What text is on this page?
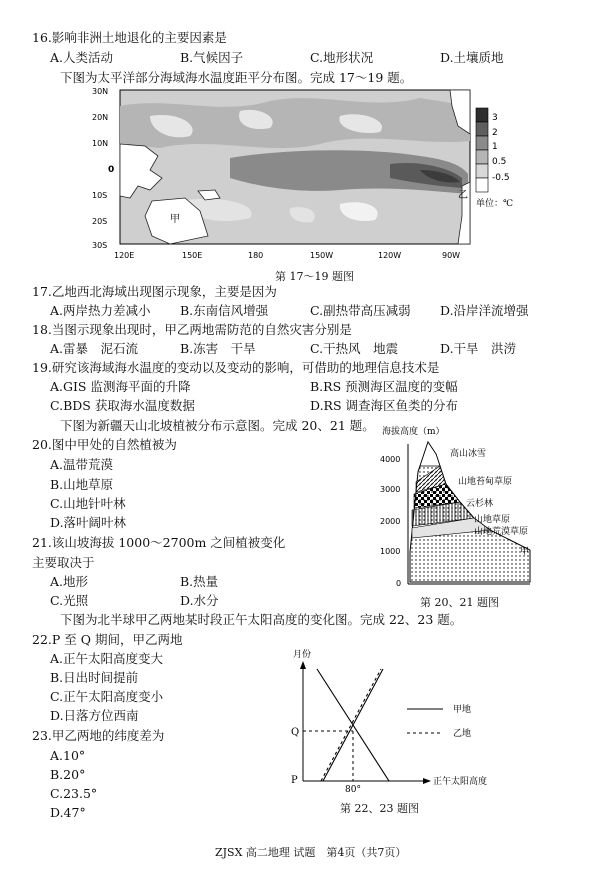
16.影响非洲土地退化的主要因素是
A.人类活动	B.气候因子	C.地形状况	D.土壤质地
下图为太平洋部分海域海水温度距平分布图。完成 17～19 题。
30N
20N
10N
0
10S
20S
30S
120E	150E	180	150W	120W	90W
甲
乙
3
2
1
0.5
-0.5
单位：℃
第 17～19 题图
17.乙地西北海域出现图示现象，主要是因为
A.两岸热力差减小 B.东南信风增强	C.副热带高压减弱 D.沿岸洋流增强
18.当图示现象出现时，甲乙两地需防范的自然灾害分别是
A.雷暴　泥石流	B.冻害　干旱	C.干热风　地震	D.干旱　洪涝
19.研究该海域海水温度的变动以及变动的影响，可借助的地理信息技术是
A.GIS 监测海平面的升降	B.RS 预测海区温度的变幅
C.BDS 获取海水温度数据	D.RS 调查海区鱼类的分布
下图为新疆天山北坡植被分布示意图。完成 20、21 题。
20.图中甲处的自然植被为
A.温带荒漠
B.山地草原
C.山地针叶林
D.落叶阔叶林
21.该山坡海拔 1000～2700m 之间植被变化
主要取决于
A.地形	B.热量
C.光照	D.水分
海拔高度（m）
4000
3000
2000
1000
0
高山冰雪
山地苔甸草原
云杉林
山地草原
山地荒漠草原
甲
第 20、21 题图
下图为北半球甲乙两地某时段正午太阳高度的变化图。完成 22、23 题。
22.P 至 Q 期间，甲乙两地
A.正午太阳高度变大
B.日出时间提前
C.正午太阳高度变小
D.日落方位西南
23.甲乙两地的纬度差为
A.10°
B.20°
C.23.5°
D.47°
月份
Q
P
80°
正午太阳高度
甲地
乙地
第 22、23 题图
ZJSX 高二地理 试题　第4页（共7页）
